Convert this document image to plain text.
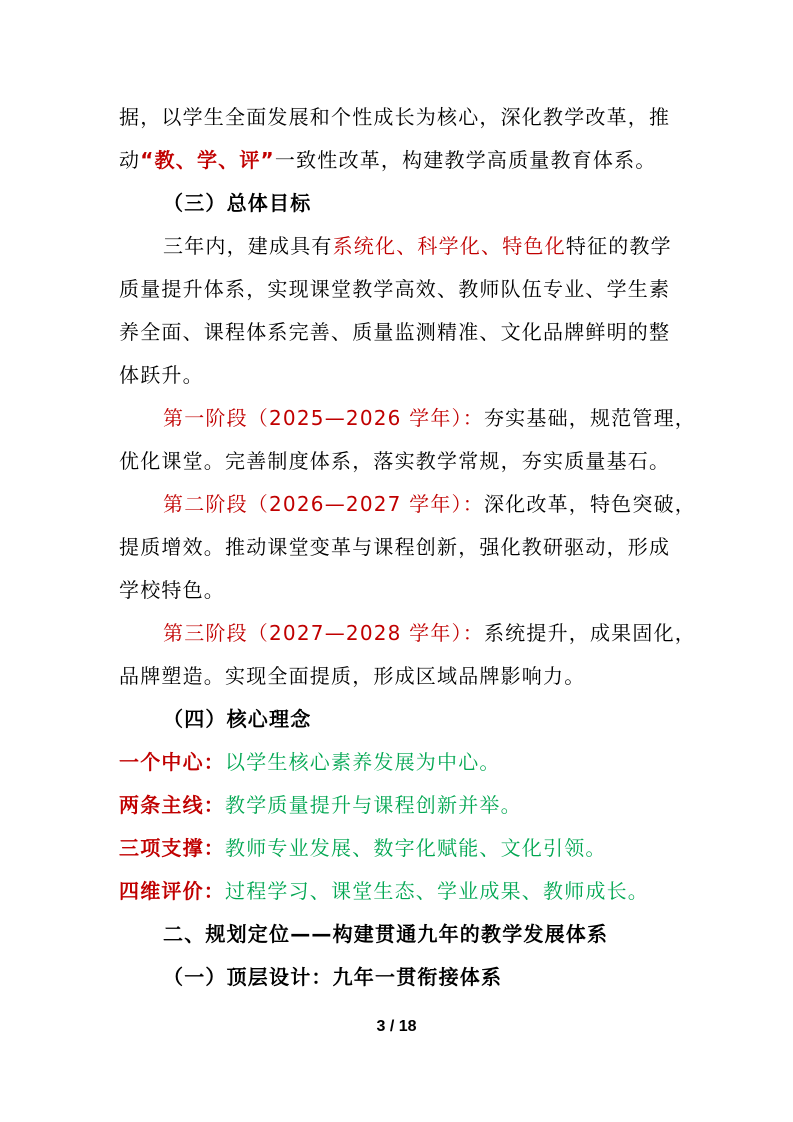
据，以学生全面发展和个性成长为核心，深化教学改革，推
动“教、学、评”一致性改革，构建教学高质量教育体系。
（三）总体目标
三年内，建成具有系统化、科学化、特色化特征的教学
质量提升体系，实现课堂教学高效、教师队伍专业、学生素
养全面、课程体系完善、质量监测精准、文化品牌鲜明的整
体跃升。
第一阶段（2025—2026 学年）：夯实基础，规范管理，
优化课堂。完善制度体系，落实教学常规，夯实质量基石。
第二阶段（2026—2027 学年）：深化改革，特色突破，
提质增效。推动课堂变革与课程创新，强化教研驱动，形成
学校特色。
第三阶段（2027—2028 学年）：系统提升，成果固化，
品牌塑造。实现全面提质，形成区域品牌影响力。
（四）核心理念
一个中心：以学生核心素养发展为中心。
两条主线：教学质量提升与课程创新并举。
三项支撑：教师专业发展、数字化赋能、文化引领。
四维评价：过程学习、课堂生态、学业成果、教师成长。
二、规划定位——构建贯通九年的教学发展体系
（一）顶层设计：九年一贯衔接体系
3 / 18
